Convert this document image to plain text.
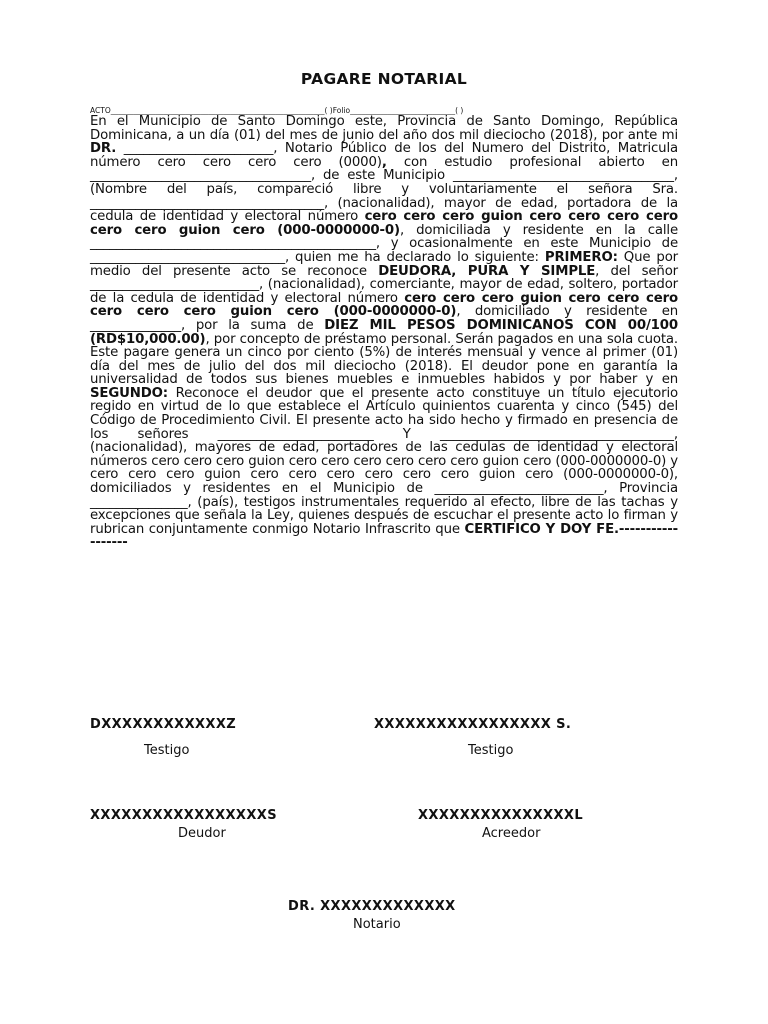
PAGARE NOTARIAL
ACTO_________________________________________________________( )Folio____________________________( )

En el Municipio de Santo Domingo este, Provincia de Santo Domingo, República Dominicana, a un día (01) del mes de junio del año dos mil dieciocho (2018), por ante mi DR. _______________________, Notario Público de los del Numero del Distrito, Matricula número cero cero cero cero (0000), con estudio profesional abierto en __________________________________, de este Municipio __________________________________, (Nombre del país, compareció libre y voluntariamente el señora Sra. ____________________________________, (nacionalidad), mayor de edad, portadora de la cedula de identidad y electoral número cero cero cero guion cero cero cero cero cero cero guion cero (000-0000000-0), domiciliada y residente en la calle ____________________________________________, y ocasionalmente en este Municipio de ______________________________, quien me ha declarado lo siguiente: PRIMERO: Que por medio del presente acto se reconoce DEUDORA, PURA Y SIMPLE, del señor __________________________, (nacionalidad), comerciante, mayor de edad, soltero, portador de la cedula de identidad y electoral número cero cero cero guion cero cero cero cero cero cero guion cero (000-0000000-0), domiciliado y residente en ______________, por la suma de DIEZ MIL PESOS DOMINICANOS CON 00/100 (RD$10,000.00), por concepto de préstamo personal. Serán pagados en una sola cuota. Este pagare genera un cinco por ciento (5%) de interés mensual y vence al primer (01) día del mes de julio del dos mil dieciocho (2018). El deudor pone en garantía la universalidad de todos sus bienes muebles e inmuebles habidos y por haber y en SEGUNDO: Reconoce el deudor que el presente acto constituye un título ejecutorio regido en virtud de lo que establece el Artículo quinientos cuarenta y cinco (545) del Código de Procedimiento Civil. El presente acto ha sido hecho y firmado en presencia de los señores ________________________ Y ____________________________________, (nacionalidad), mayores de edad, portadores de las cedulas de identidad y electoral números cero cero cero guion cero cero cero cero cero cero guion cero (000-0000000-0) y cero cero cero guion cero cero cero cero cero cero guion cero (000-0000000-0), domiciliados y residentes en el Municipio de __________________________, Provincia _______________, (país), testigos instrumentales requerido al efecto, libre de las tachas y excepciones que señala la Ley, quienes después de escuchar el presente acto lo firman y rubrican conjuntamente conmigo Notario Infrascrito que CERTIFICO Y DOY FE.------------------

DXXXXXXXXXXXXZ
Testigo
XXXXXXXXXXXXXXXXX S.
Testigo
XXXXXXXXXXXXXXXXXS
Deudor
XXXXXXXXXXXXXXXL
Acreedor
DR. XXXXXXXXXXXXX
Notario
